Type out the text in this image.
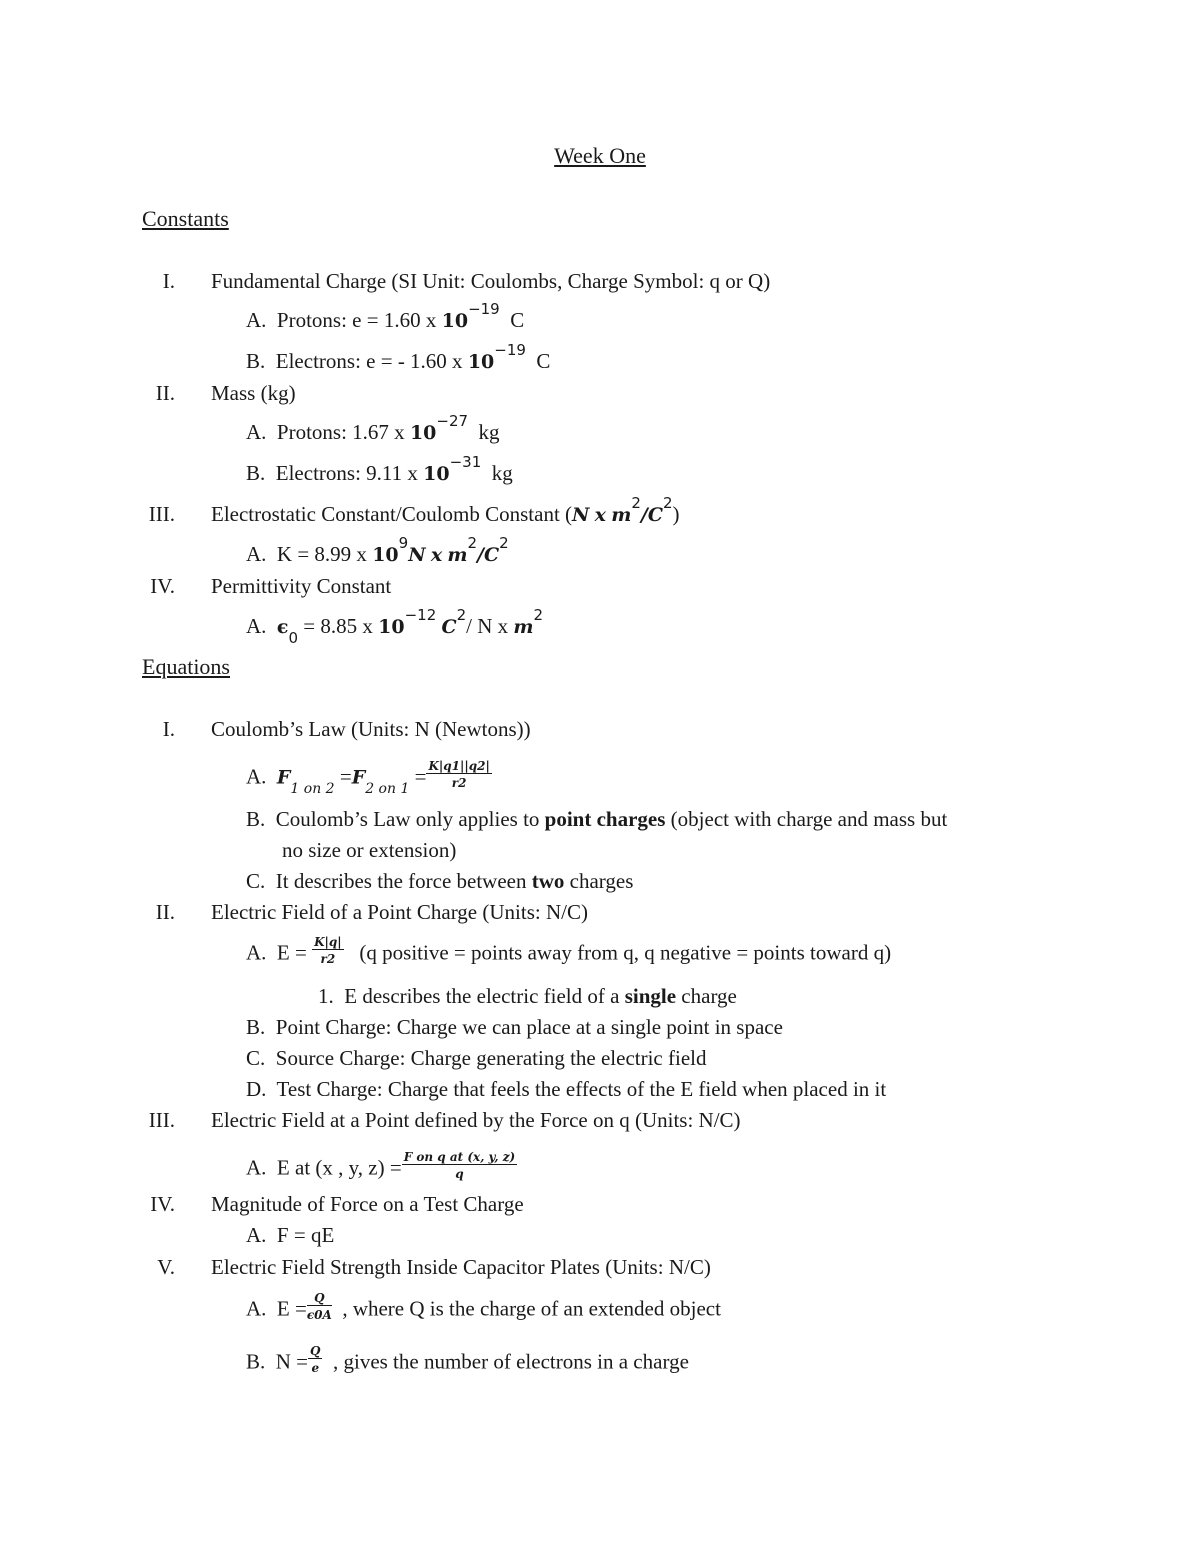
Week One
Constants
I. Fundamental Charge (SI Unit: Coulombs, Charge Symbol: q or Q)
A. Protons: e = 1.60 x $10^{-19}$ C
B. Electrons: e = - 1.60 x $10^{-19}$ C
II. Mass (kg)
A. Protons: 1.67 x $10^{-27}$ kg
B. Electrons: 9.11 x $10^{-31}$ kg
III. Electrostatic Constant/Coulomb Constant (N x $m^2/C^2$)
A. K = 8.99 x $10^9N$ x $m^2/C^2$
IV. Permittivity Constant
A. $\epsilon_0 = 8.85$ x $10^{-12}$ $C^2/$ N x $m^2$
Equations
I. Coulomb’s Law (Units: N (Newtons))
A. $F_{1 on 2} =F_{2 on 1} = \frac{K|q1||q2|}{r2}$
B. Coulomb’s Law only applies to point charges (object with charge and mass but
no size or extension)
C. It describes the force between two charges
II. Electric Field of a Point Charge (Units: N/C)
A. $E = \frac{K|q|}{r2} (q$ positive = points away from q, q negative = points toward q)
1. E describes the electric field of a single charge
B. Point Charge: Charge we can place at a single point in space
C. Source Charge: Charge generating the electric field
D. Test Charge: Charge that feels the effects of the E field when placed in it
III. Electric Field at a Point defined by the Force on q (Units: N/C)
A. E at (x , y, $z) = \frac{\text{F on q at (x, y, z)}}{q}$
IV. Magnitude of Force on a Test Charge
A. F = qE
V. Electric Field Strength Inside Capacitor Plates (Units: N/C)
A. $E = \frac{Q}{\epsilon 0A}$ , where Q is the charge of an extended object
B. $N = \frac{Q}{e}$ , gives the number of electrons in a charge
